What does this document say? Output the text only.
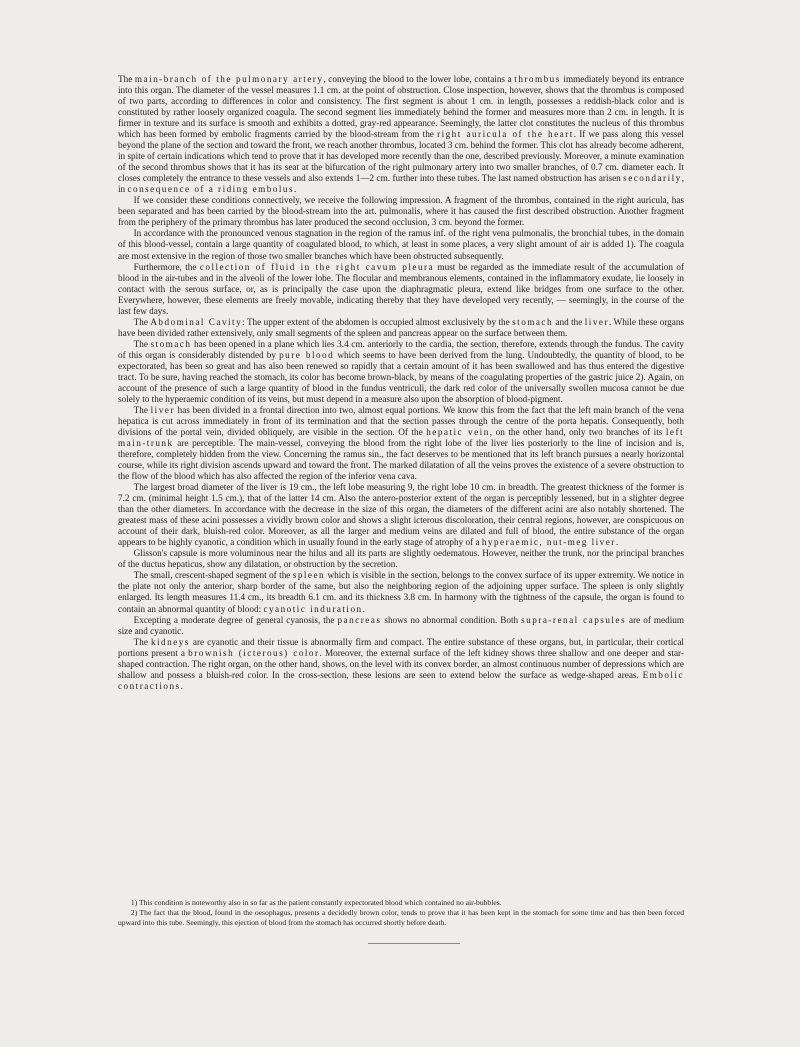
The main-branch of the pulmonary artery, conveying the blood to the lower lobe, contains a thrombus immediately beyond its entrance into this organ. The diameter of the vessel measures 1.1 cm. at the point of obstruction. Close inspection, however, shows that the thrombus is composed of two parts, according to differences in color and consistency. The first segment is about 1 cm. in length, possesses a reddish-black color and is constituted by rather loosely organized coagula. The second segment lies immediately behind the former and measures more than 2 cm. in length. It is firmer in texture and its surface is smooth and exhibits a dotted, gray-red appearance. Seemingly, the latter clot constitutes the nucleus of this thrombus which has been formed by embolic fragments carried by the blood-stream from the right auricula of the heart. If we pass along this vessel beyond the plane of the section and toward the front, we reach another thrombus, located 3 cm. behind the former. This clot has already become adherent, in spite of certain indications which tend to prove that it has developed more recently than the one, described previously. Moreover, a minute examination of the second thrombus shows that it has its seat at the bifurcation of the right pulmonary artery into two smaller branches, of 0.7 cm. diameter each. It closes completely the entrance to these vessels and also extends 1—2 cm. further into these tubes. The last named obstruction has arisen secondarily, in consequence of a riding embolus.

If we consider these conditions connectively, we receive the following impression. A fragment of the thrombus, contained in the right auricula, has been separated and has been carried by the blood-stream into the art. pulmonalis, where it has caused the first described obstruction. Another fragment from the periphery of the primary thrombus has later produced the second occlusion, 3 cm. beyond the former.

In accordance with the pronounced venous stagnation in the region of the ramus inf. of the right vena pulmonalis, the bronchial tubes, in the domain of this blood-vessel, contain a large quantity of coagulated blood, to which, at least in some places, a very slight amount of air is added 1). The coagula are most extensive in the region of those two smaller branches which have been obstructed subsequently.

Furthermore, the collection of fluid in the right cavum pleura must be regarded as the immediate result of the accumulation of blood in the air-tubes and in the alveoli of the lower lobe. The flocular and membranous elements, contained in the inflammatory exudate, lie loosely in contact with the serous surface, or, as is principally the case upon the diaphragmatic pleura, extend like bridges from one surface to the other. Everywhere, however, these elements are freely movable, indicating thereby that they have developed very recently, — seemingly, in the course of the last few days.

The Abdominal Cavity: The upper extent of the abdomen is occupied almost exclusively by the stomach and the liver. While these organs have been divided rather extensively, only small segments of the spleen and pancreas appear on the surface between them.

The stomach has been opened in a plane which lies 3.4 cm. anteriorly to the cardia, the section, therefore, extends through the fundus. The cavity of this organ is considerably distended by pure blood which seems to have been derived from the lung. Undoubtedly, the quantity of blood, to be expectorated, has been so great and has also been renewed so rapidly that a certain amount of it has been swallowed and has thus entered the digestive tract. To be sure, having reached the stomach, its color has become brown-black, by means of the coagulating properties of the gastric juice 2). Again, on account of the presence of such a large quantity of blood in the fundus ventriculi, the dark red color of the universally swollen mucosa cannot be due solely to the hyperaemic condition of its veins, but must depend in a measure also upon the absorption of blood-pigment.

The liver has been divided in a frontal direction into two, almost equal portions. We know this from the fact that the left main branch of the vena hepatica is cut across immediately in front of its termination and that the section passes through the centre of the porta hepatis. Consequently, both divisions of the portal vein, divided obliquely, are visible in the section. Of the hepatic vein, on the other hand, only two branches of its left main-trunk are perceptible. The main-vessel, conveying the blood from the right lobe of the liver lies posteriorly to the line of incision and is, therefore, completely hidden from the view. Concerning the ramus sin., the fact deserves to be mentioned that its left branch pursues a nearly horizontal course, while its right division ascends upward and toward the front. The marked dilatation of all the veins proves the existence of a severe obstruction to the flow of the blood which has also affected the region of the inferior vena cava.

The largest broad diameter of the liver is 19 cm., the left lobe measuring 9, the right lobe 10 cm. in breadth. The greatest thickness of the former is 7.2 cm. (minimal height 1.5 cm.), that of the latter 14 cm. Also the antero-posterior extent of the organ is perceptibly lessened, but in a slighter degree than the other diameters. In accordance with the decrease in the size of this organ, the diameters of the different acini are also notably shortened. The greatest mass of these acini possesses a vividly brown color and shows a slight icterous discoloration, their central regions, however, are conspicuous on account of their dark, bluish-red color. Moreover, as all the larger and medium veins are dilated and full of blood, the entire substance of the organ appears to be highly cyanotic, a condition which in usually found in the early stage of atrophy of a hyperaemic, nut-meg liver.

Glisson's capsule is more voluminous near the hilus and all its parts are slightly oedematous. However, neither the trunk, nor the principal branches of the ductus hepaticus, show any dilatation, or obstruction by the secretion.

The small, crescent-shaped segment of the spleen which is visible in the section, belongs to the convex surface of its upper extremity. We notice in the plate not only the anterior, sharp border of the same, but also the neighboring region of the adjoining upper surface. The spleen is only slightly enlarged. Its length measures 11.4 cm., its breadth 6.1 cm. and its thickness 3.8 cm. In harmony with the tightness of the capsule, the organ is found to contain an abnormal quantity of blood: cyanotic induration.

Excepting a moderate degree of general cyanosis, the pancreas shows no abnormal condition. Both supra-renal capsules are of medium size and cyanotic.

The kidneys are cyanotic and their tissue is abnormally firm and compact. The entire substance of these organs, but, in particular, their cortical portions present a brownish (icterous) color. Moreover, the external surface of the left kidney shows three shallow and one deeper and star-shaped contraction. The right organ, on the other hand, shows, on the level with its convex border, an almost continuous number of depressions which are shallow and possess a bluish-red color. In the cross-section, these lesions are seen to extend below the surface as wedge-shaped areas. Embolic contractions.

1) This condition is noteworthy also in so far as the patient constantly expectorated blood which contained no air-bubbles.

2) The fact that the blood, found in the oesophagus, presents a decidedly brown color, tends to prove that it has been kept in the stomach for some time and has then been forced upward into this tube. Seemingly, this ejection of blood from the stomach has occurred shortly before death.
